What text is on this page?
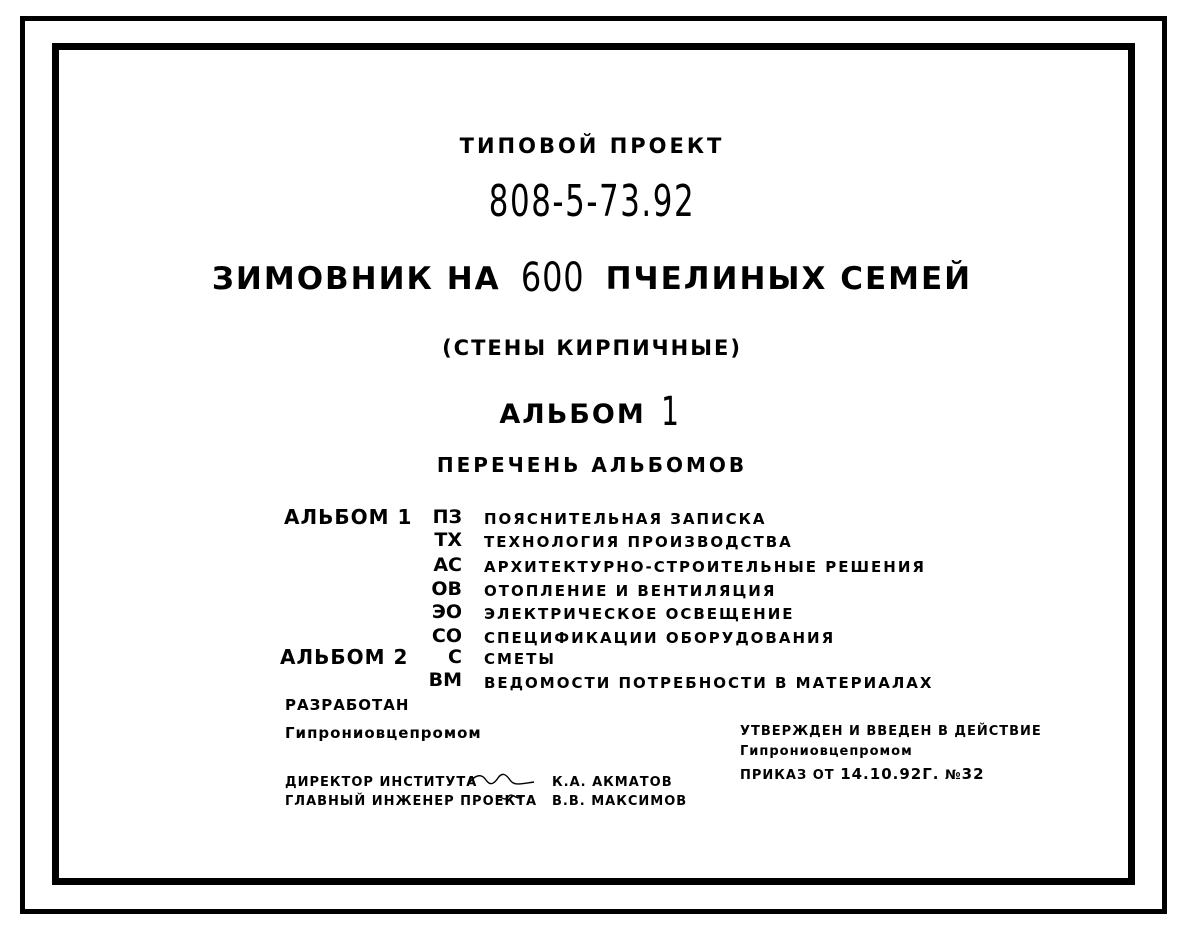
ТИПОВОЙ ПРОЕКТ
808-5-73.92
ЗИМОВНИК НА 600 ПЧЕЛИНЫХ СЕМЕЙ
(СТЕНЫ КИРПИЧНЫЕ)
АЛЬБОМ 1
ПЕРЕЧЕНЬ АЛЬБОМОВ
АЛЬБОМ 1
АЛЬБОМ 2
ПЗ ПОЯСНИТЕЛЬНАЯ ЗАПИСКА
ТХ ТЕХНОЛОГИЯ ПРОИЗВОДСТВА
АС АРХИТЕКТУРНО-СТРОИТЕЛЬНЫЕ РЕШЕНИЯ
ОВ ОТОПЛЕНИЕ И ВЕНТИЛЯЦИЯ
ЭО ЭЛЕКТРИЧЕСКОЕ ОСВЕЩЕНИЕ
СО СПЕЦИФИКАЦИИ ОБОРУДОВАНИЯ
С СМЕТЫ
ВМ ВЕДОМОСТИ ПОТРЕБНОСТИ В МАТЕРИАЛАХ
РАЗРАБОТАН
Гипрониовцепромом
ДИРЕКТОР ИНСТИТУТА	К.А. АКМАТОВ
ГЛАВНЫЙ ИНЖЕНЕР ПРОЕКТА В.В. МАКСИМОВ
УТВЕРЖДЕН И ВВЕДЕН В ДЕЙСТВИЕ
Гипрониовцепромом
ПРИКАЗ ОТ 14.10.92Г. №32
